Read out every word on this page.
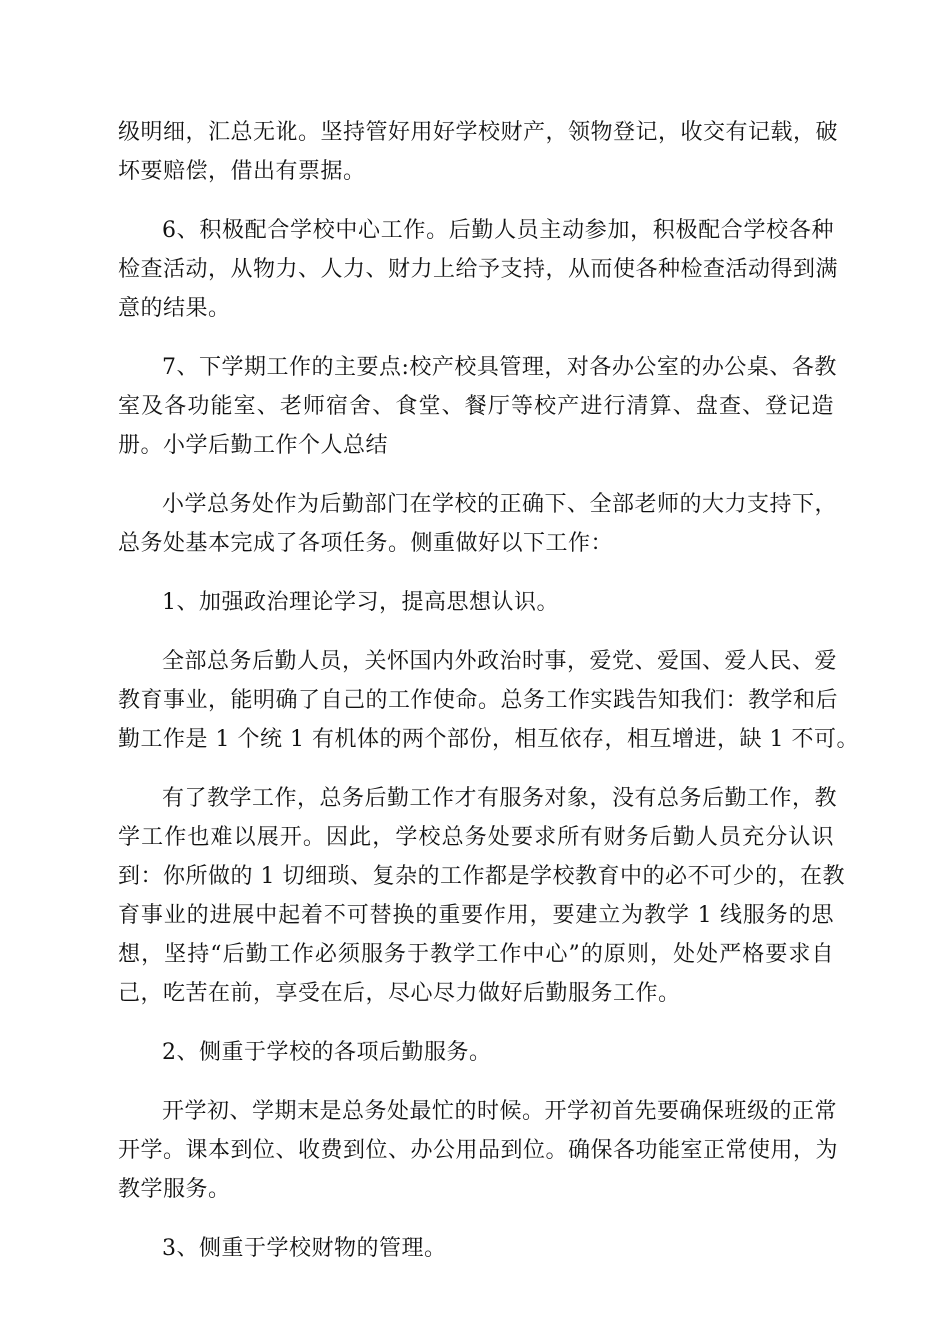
级明细，汇总无讹。坚持管好用好学校财产，领物登记，收交有记载，破
坏要赔偿，借出有票据。

6、积极配合学校中心工作。后勤人员主动参加，积极配合学校各种
检查活动，从物力、人力、财力上给予支持，从而使各种检查活动得到满
意的结果。

7、下学期工作的主要点:校产校具管理，对各办公室的办公桌、各教
室及各功能室、老师宿舍、食堂、餐厅等校产进行清算、盘查、登记造
册。小学后勤工作个人总结

小学总务处作为后勤部门在学校的正确下、全部老师的大力支持下，
总务处基本完成了各项任务。侧重做好以下工作：

1、加强政治理论学习，提高思想认识。

全部总务后勤人员，关怀国内外政治时事，爱党、爱国、爱人民、爱
教育事业，能明确了自己的工作使命。总务工作实践告知我们：教学和后
勤工作是 1 个统 1 有机体的两个部份，相互依存，相互增进，缺 1 不可。

有了教学工作，总务后勤工作才有服务对象，没有总务后勤工作，教
学工作也难以展开。因此，学校总务处要求所有财务后勤人员充分认识
到：你所做的 1 切细琐、复杂的工作都是学校教育中的必不可少的，在教
育事业的进展中起着不可替换的重要作用，要建立为教学 1 线服务的思
想，坚持“后勤工作必须服务于教学工作中心”的原则，处处严格要求自
己，吃苦在前，享受在后，尽心尽力做好后勤服务工作。

2、侧重于学校的各项后勤服务。

开学初、学期末是总务处最忙的时候。开学初首先要确保班级的正常
开学。课本到位、收费到位、办公用品到位。确保各功能室正常使用，为
教学服务。

3、侧重于学校财物的管理。
